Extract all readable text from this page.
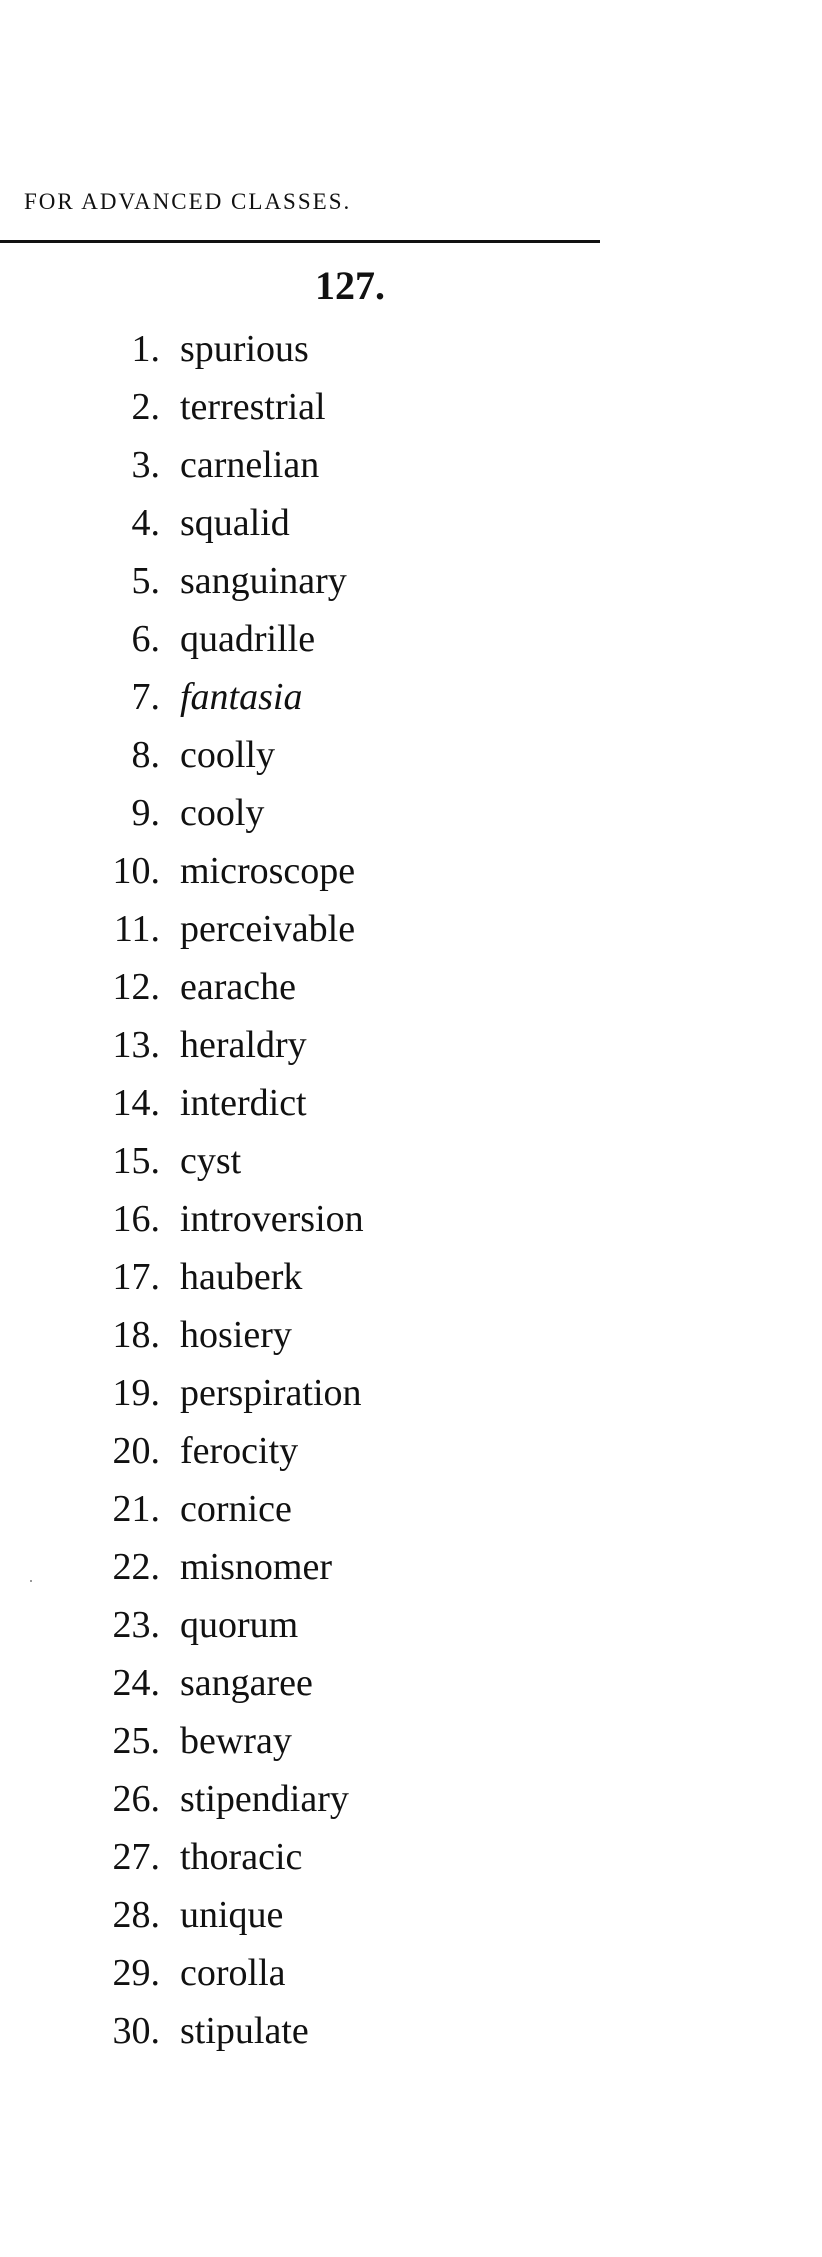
FOR ADVANCED CLASSES.
127.
1. spurious
2. terrestrial
3. carnelian
4. squalid
5. sanguinary
6. quadrille
7. fantasia
8. coolly
9. cooly
10. microscope
11. perceivable
12. earache
13. heraldry
14. interdict
15. cyst
16. introversion
17. hauberk
18. hosiery
19. perspiration
20. ferocity
21. cornice
22. misnomer
23. quorum
24. sangaree
25. bewray
26. stipendiary
27. thoracic
28. unique
29. corolla
30. stipulate
